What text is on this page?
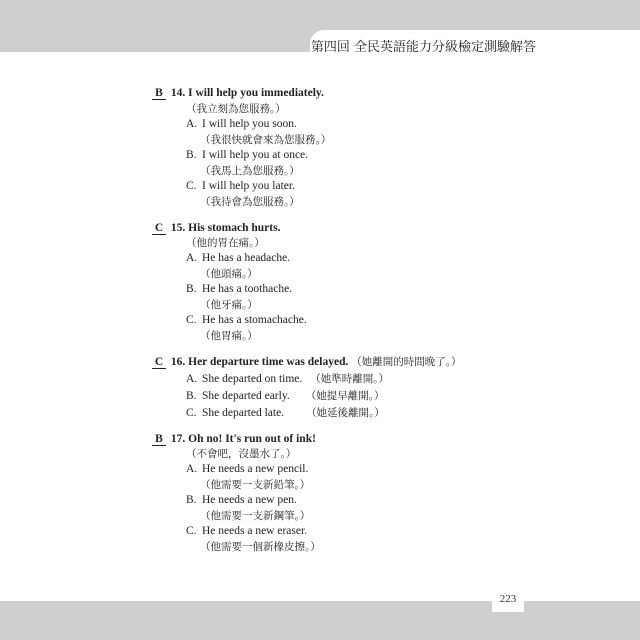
第四回 全民英語能力分級檢定測驗解答
B 14. I will help you immediately.
（我立刻為您服務。）
A. I will help you soon.
（我很快就會來為您服務。）
B. I will help you at once.
（我馬上為您服務。）
C. I will help you later.
（我待會為您服務。）
C 15. His stomach hurts.
（他的胃在痛。）
A. He has a headache.
（他頭痛。）
B. He has a toothache.
（他牙痛。）
C. He has a stomachache.
（他胃痛。）
C 16. Her departure time was delayed. （她離開的時間晚了。）
A. She departed on time. （她準時離開。）
B. She departed early. （她提早離開。）
C. She departed late. （她延後離開。）
B 17. Oh no! It's run out of ink!
（不會吧，沒墨水了。）
A. He needs a new pencil.
（他需要一支新鉛筆。）
B. He needs a new pen.
（他需要一支新鋼筆。）
C. He needs a new eraser.
（他需要一個新橡皮擦。）
223
